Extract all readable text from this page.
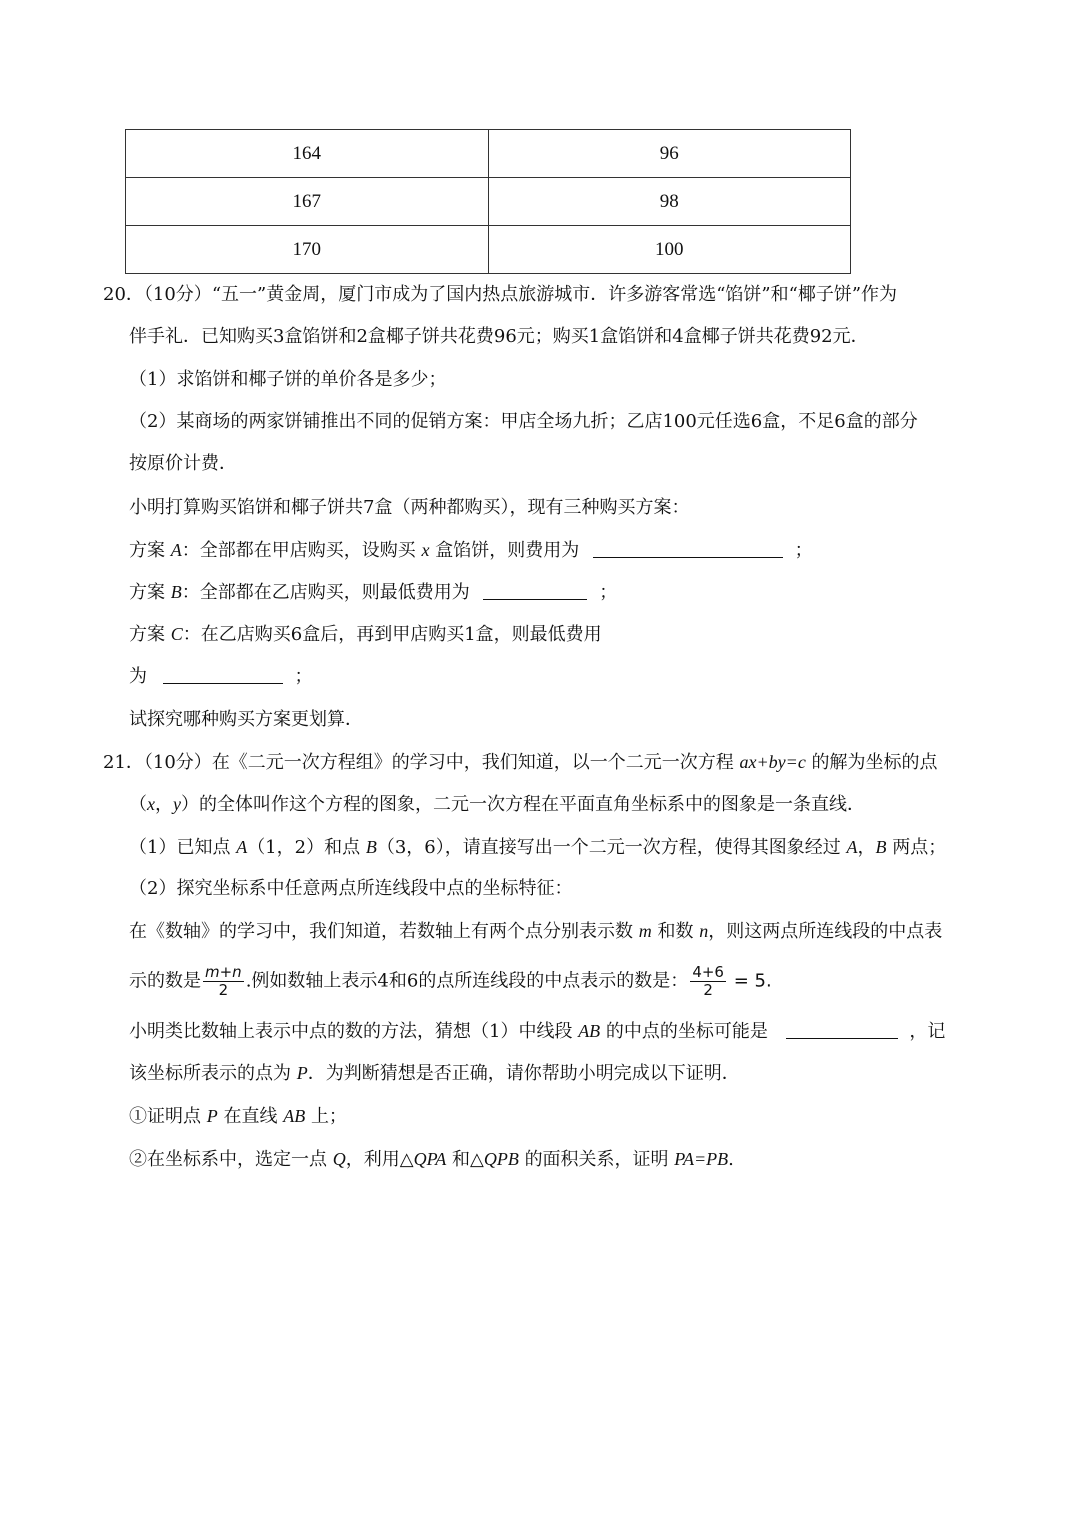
164	96
167	98
170	100
20．（10分）“五一”黄金周，厦门市成为了国内热点旅游城市．许多游客常选“馅饼”和“椰子饼”作为
伴手礼．已知购买3盒馅饼和2盒椰子饼共花费96元；购买1盒馅饼和4盒椰子饼共花费92元．
（1）求馅饼和椰子饼的单价各是多少；
（2）某商场的两家饼铺推出不同的促销方案：甲店全场九折；乙店100元任选6盒，不足6盒的部分
按原价计费．
小明打算购买馅饼和椰子饼共7盒（两种都购买），现有三种购买方案：
方案 A：全部都在甲店购买，设购买 x 盒馅饼，则费用为	；
方案 B：全部都在乙店购买，则最低费用为	；
方案 C：在乙店购买6盒后，再到甲店购买1盒，则最低费用
为	；
试探究哪种购买方案更划算．
21．（10分）在《二元一次方程组》的学习中，我们知道，以一个二元一次方程 ax+by=c 的解为坐标的点
（x，y）的全体叫作这个方程的图象，二元一次方程在平面直角坐标系中的图象是一条直线．
（1）已知点 A（1，2）和点 B（3，6），请直接写出一个二元一次方程，使得其图象经过 A，B 两点；
（2）探究坐标系中任意两点所连线段中点的坐标特征：
在《数轴》的学习中，我们知道，若数轴上有两个点分别表示数 m 和数 n，则这两点所连线段的中点表
示的数是 $\frac{m+n}{2}$ .例如数轴上表示4和6的点所连线段的中点表示的数是： $\frac{4+6}{2} = 5$.
小明类比数轴上表示中点的数的方法，猜想（1）中线段 AB 的中点的坐标可能是	，记
该坐标所表示的点为 P．为判断猜想是否正确，请你帮助小明完成以下证明．
①证明点 P 在直线 AB 上；
②在坐标系中，选定一点 Q，利用△QPA 和△QPB 的面积关系，证明 PA=PB.
